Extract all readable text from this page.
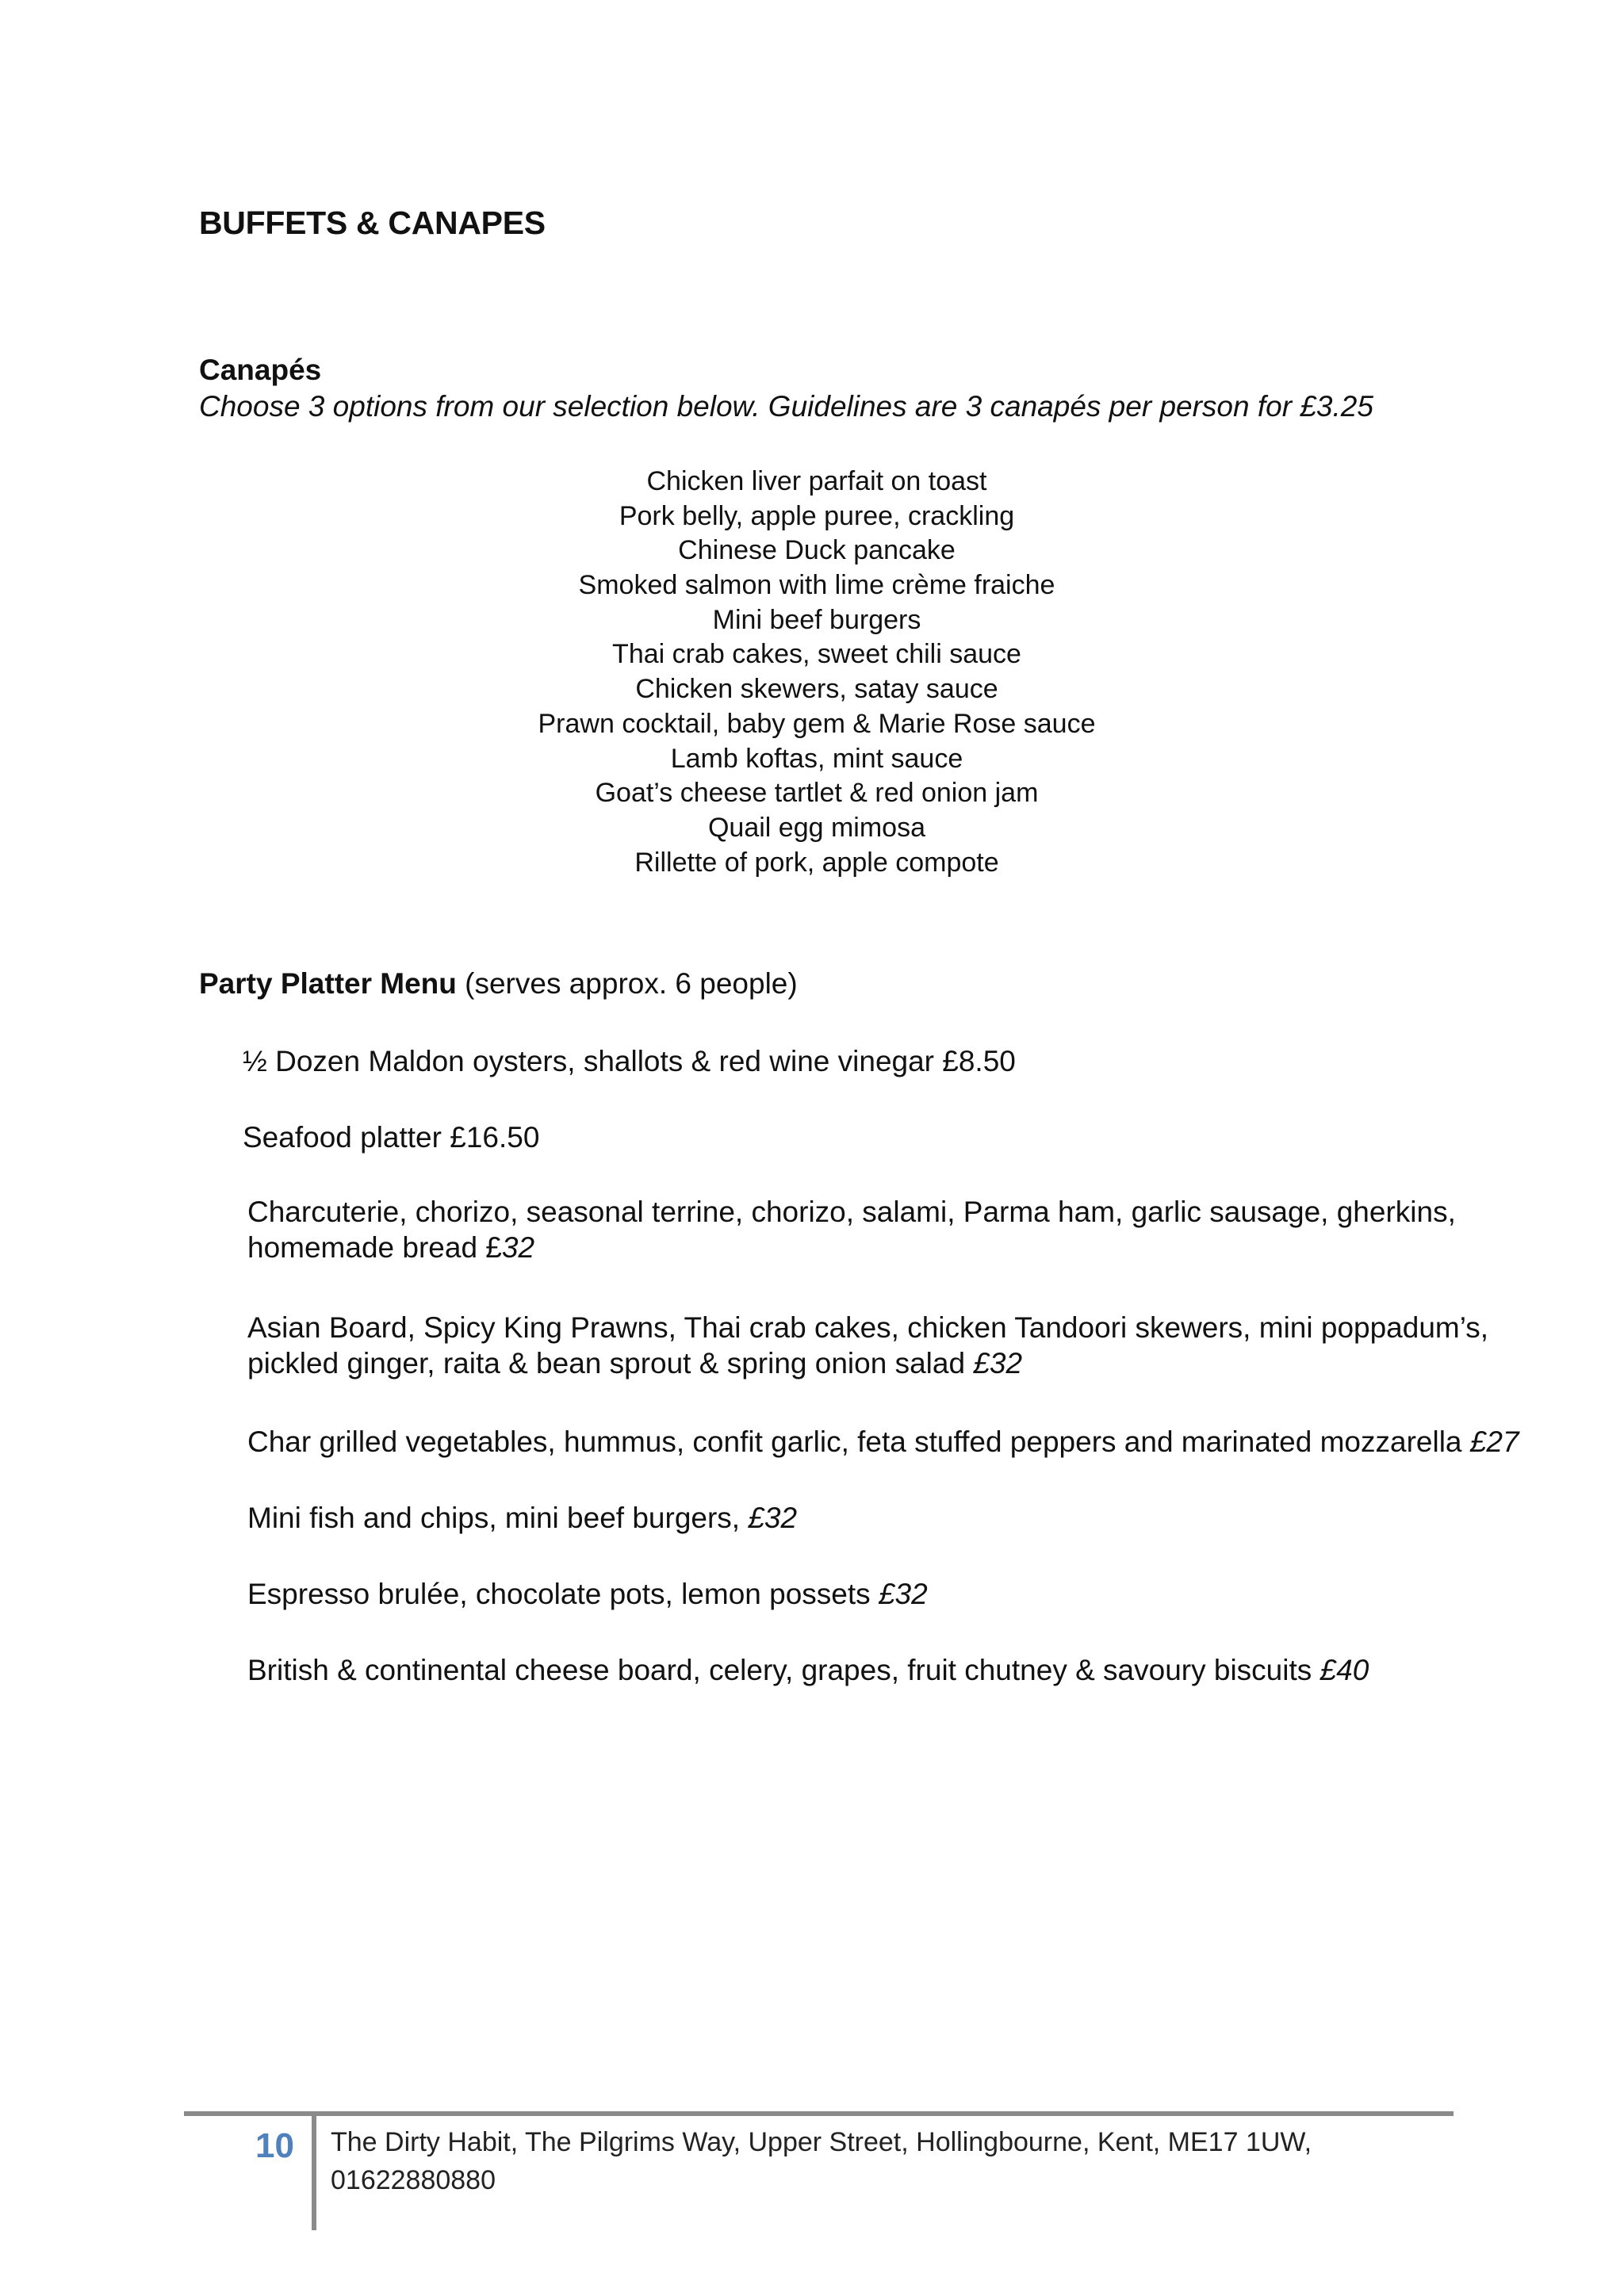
BUFFETS & CANAPES
Canapés
Choose 3 options from our selection below. Guidelines are 3 canapés per person for £3.25
Chicken liver parfait on toast
Pork belly, apple puree, crackling
Chinese Duck pancake
Smoked salmon with lime crème fraiche
Mini beef burgers
Thai crab cakes, sweet chili sauce
Chicken skewers, satay sauce
Prawn cocktail, baby gem & Marie Rose sauce
Lamb koftas, mint sauce
Goat’s cheese tartlet & red onion jam
Quail egg mimosa
Rillette of pork, apple compote
Party Platter Menu (serves approx. 6 people)
½ Dozen Maldon oysters, shallots & red wine vinegar £8.50
Seafood platter £16.50
Charcuterie, chorizo, seasonal terrine, chorizo, salami, Parma ham, garlic sausage, gherkins,
homemade bread £32
Asian Board, Spicy King Prawns, Thai crab cakes, chicken Tandoori skewers, mini poppadum’s,
pickled ginger, raita & bean sprout & spring onion salad £32
Char grilled vegetables, hummus, confit garlic, feta stuffed peppers and marinated mozzarella £27
Mini fish and chips, mini beef burgers, £32
Espresso brulée, chocolate pots, lemon possets £32
British & continental cheese board, celery, grapes, fruit chutney & savoury biscuits £40
10 The Dirty Habit, The Pilgrims Way, Upper Street, Hollingbourne, Kent, ME17 1UW,
01622880880
